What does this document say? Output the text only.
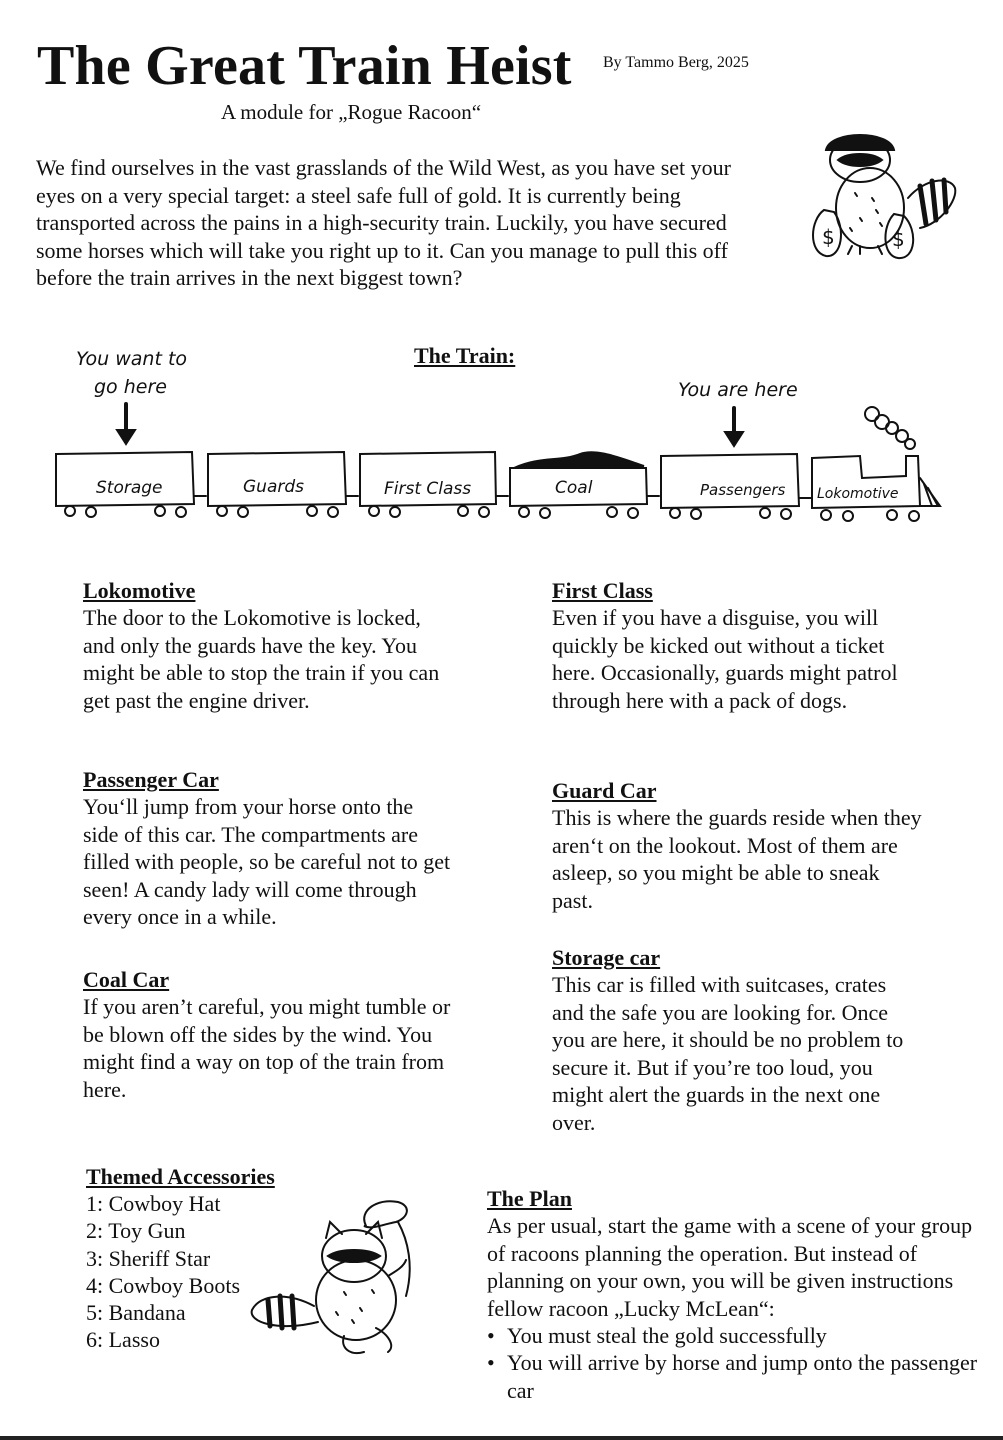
The Great Train Heist By Tammo Berg, 2025
A module for „Rogue Racoon“

We find ourselves in the vast grasslands of the Wild West, as you have set your eyes on a very special target: a steel safe full of gold. It is currently being transported across the pains in a high-security train. Luckily, you have secured some horses which will take you right up to it. Can you manage to pull this off before the train arrives in the next biggest town?

$	$
The Train:
You want to
go here	You are here
Storage	Guards	First Class	Coal	Passengers Lokomotive
Lokomotive

The door to the Lokomotive is locked, and only the guards have the key. You might be able to stop the train if you can get past the engine driver.

Passenger Car

You‘ll jump from your horse onto the side of this car. The compartments are filled with people, so be careful not to get seen! A candy lady will come through every once in a while.

Coal Car

If you aren’t careful, you might tumble or be blown off the sides by the wind. You might find a way on top of the train from here.

First Class

Even if you have a disguise, you will quickly be kicked out without a ticket here. Occasionally, guards might patrol through here with a pack of dogs.

Guard Car

This is where the guards reside when they aren‘t on the lookout. Most of them are asleep, so you might be able to sneak past.

Storage car

This car is filled with suitcases, crates and the safe you are looking for. Once you are here, it should be no problem to secure it. But if you’re too loud, you might alert the guards in the next one over.

Themed Accessories
1: Cowboy Hat
2: Toy Gun
3: Sheriff Star
4: Cowboy Boots
5: Bandana
6: Lasso
The Plan

As per usual, start the game with a scene of your group of racoons planning the operation. But instead of planning on your own, you will be given instructions fellow racoon „Lucky McLean“:

• You must steal the gold successfully
• You will arrive by horse and jump onto the passenger car
